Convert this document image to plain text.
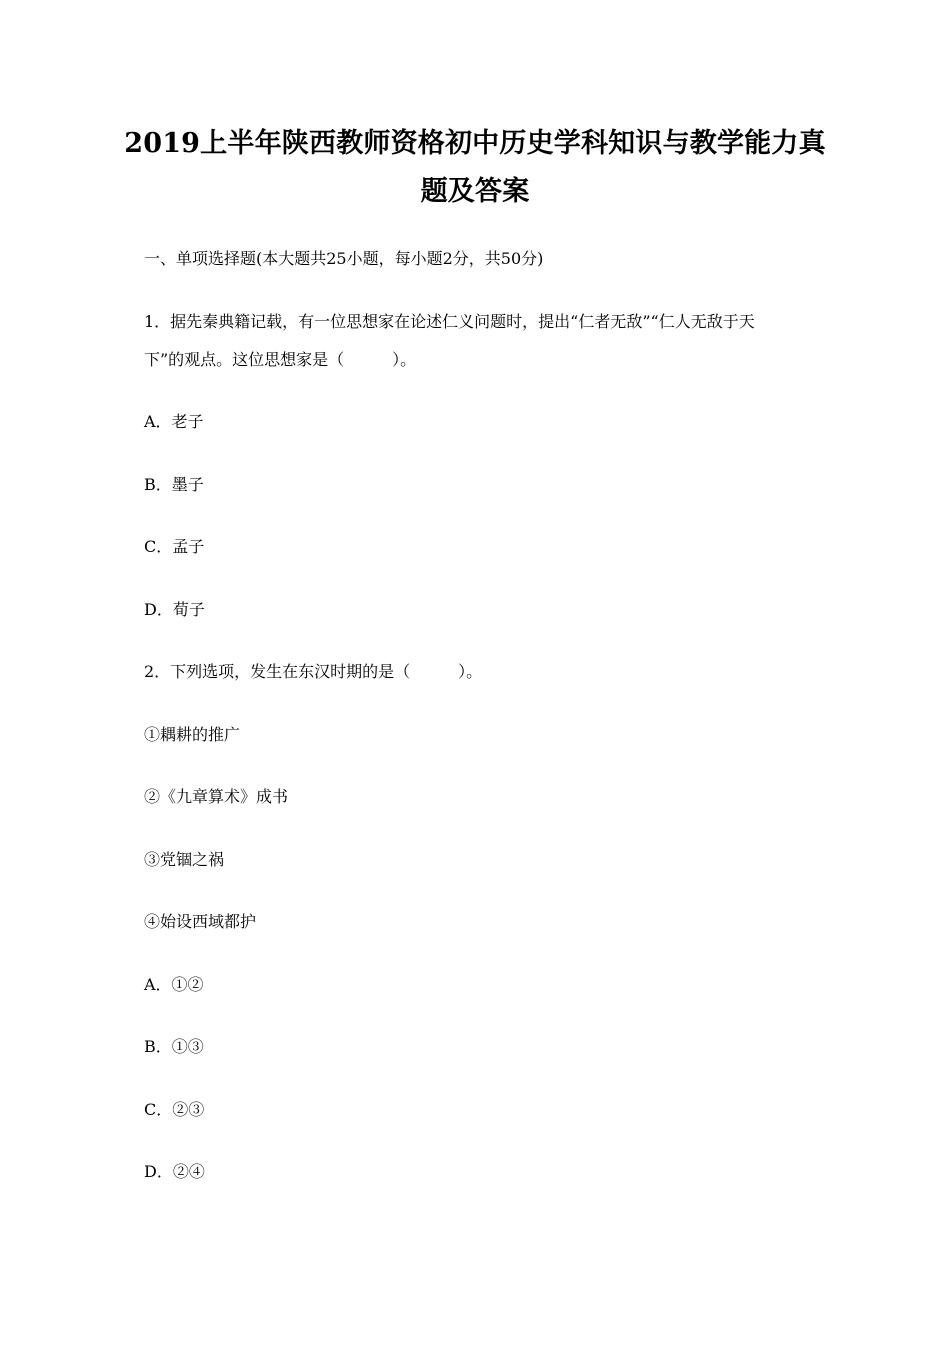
2019上半年陕西教师资格初中历史学科知识与教学能力真
题及答案
一、单项选择题(本大题共25小题，每小题2分，共50分)
1．据先秦典籍记载，有一位思想家在论述仁义问题时，提出“仁者无敌”“仁人无敌于天
下”的观点。这位思想家是（　　　）。
A．老子
B．墨子
C．孟子
D．荀子
2．下列选项，发生在东汉时期的是（　　　）。
①耦耕的推广
②《九章算术》成书
③党锢之祸
④始设西域都护
A．①②
B．①③
C．②③
D．②④
